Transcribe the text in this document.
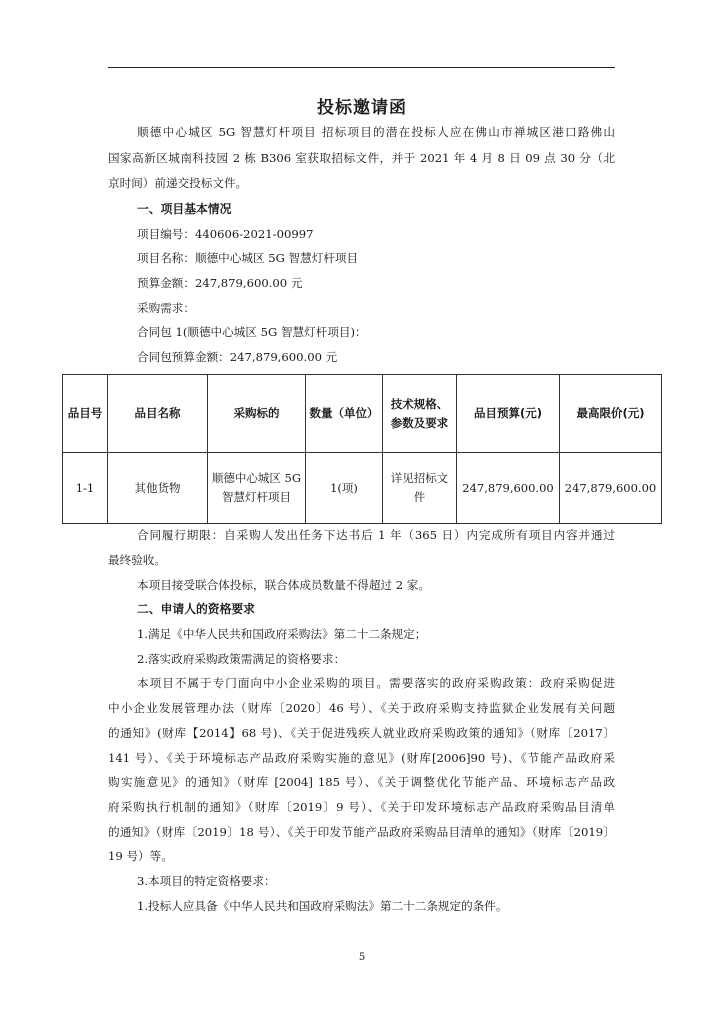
投标邀请函
顺德中心城区 5G 智慧灯杆项目 招标项目的潜在投标人应在佛山市禅城区港口路佛山
国家高新区城南科技园 2 栋 B306 室获取招标文件，并于 2021 年 4 月 8 日 09 点 30 分（北
京时间）前递交投标文件。
一、项目基本情况
项目编号：440606-2021-00997
项目名称：顺德中心城区 5G 智慧灯杆项目
预算金额：247,879,600.00 元
采购需求：
合同包 1(顺德中心城区 5G 智慧灯杆项目)：
合同包预算金额：247,879,600.00 元
品目号	品目名称	采购标的	数量（单位）	技术规格、参数及要求	品目预算(元)	最高限价(元)
1-1	其他货物	顺德中心城区 5G 智慧灯杆项目	1(项)	详见招标文件	247,879,600.00	247,879,600.00
合同履行期限：自采购人发出任务下达书后 1 年（365 日）内完成所有项目内容并通过
最终验收。
本项目接受联合体投标，联合体成员数量不得超过 2 家。
二、申请人的资格要求
1.满足《中华人民共和国政府采购法》第二十二条规定；
2.落实政府采购政策需满足的资格要求：
本项目不属于专门面向中小企业采购的项目。需要落实的政府采购政策：政府采购促进
中小企业发展管理办法（财库〔2020〕46 号）、《关于政府采购支持监狱企业发展有关问题
的通知》(财库【2014】68 号)、《关于促进残疾人就业政府采购政策的通知》（财库〔2017〕
141 号）、《关于环境标志产品政府采购实施的意见》(财库[2006]90 号)、《节能产品政府采
购实施意见》的通知》（财库 [2004] 185 号）、《关于调整优化节能产品、环境标志产品政
府采购执行机制的通知》（财库〔2019〕9 号）、《关于印发环境标志产品政府采购品目清单
的通知》（财库〔2019〕18 号）、《关于印发节能产品政府采购品目清单的通知》（财库〔2019〕
19 号）等。
3.本项目的特定资格要求：
1.投标人应具备《中华人民共和国政府采购法》第二十二条规定的条件。
5
